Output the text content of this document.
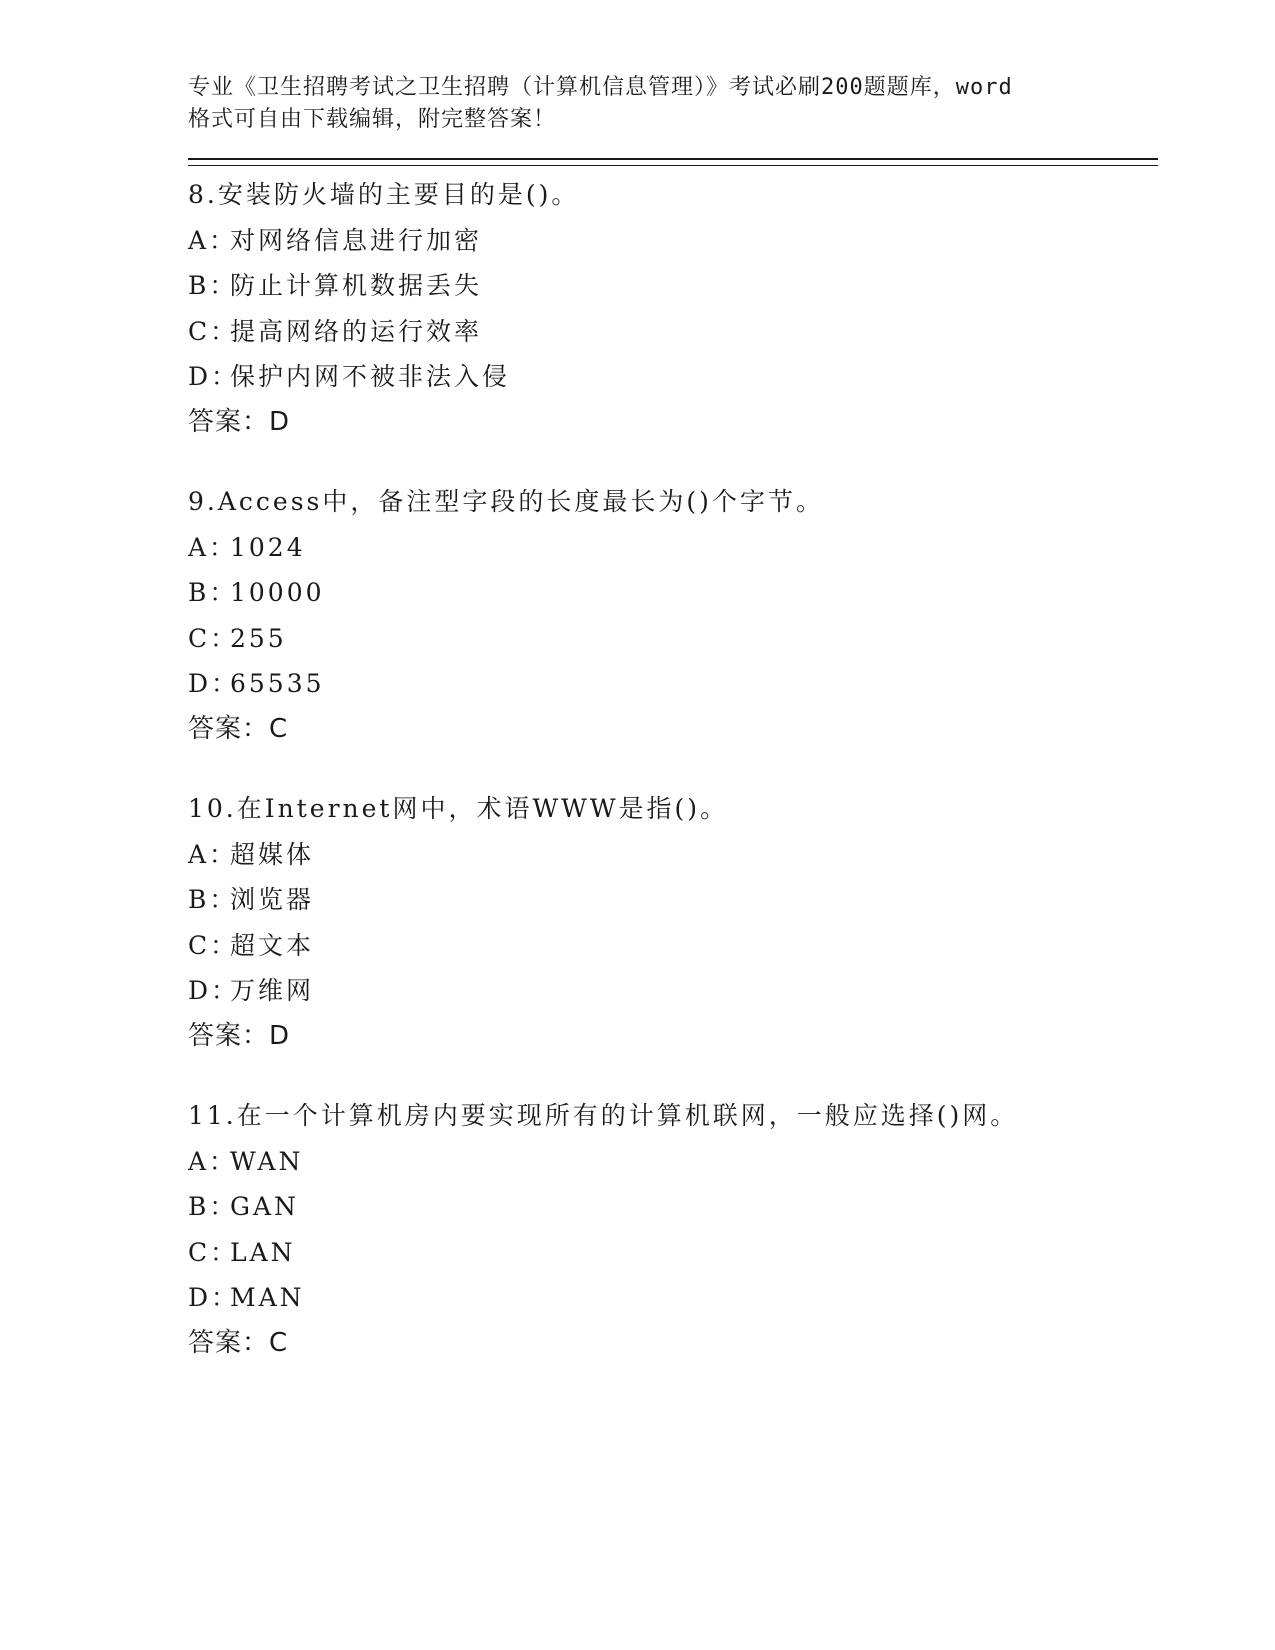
专业《卫生招聘考试之卫生招聘（计算机信息管理）》考试必刷200题题库，word
格式可自由下载编辑，附完整答案！
8.安装防火墙的主要目的是()。
A：对网络信息进行加密
B：防止计算机数据丢失
C：提高网络的运行效率
D：保护内网不被非法入侵
答案：D
9.Access中，备注型字段的长度最长为()个字节。
A：1024
B：10000
C：255
D：65535
答案：C
10.在Internet网中，术语WWW是指()。
A：超媒体
B：浏览器
C：超文本
D：万维网
答案：D
11.在一个计算机房内要实现所有的计算机联网，一般应选择()网。
A：WAN
B：GAN
C：LAN
D：MAN
答案：C
